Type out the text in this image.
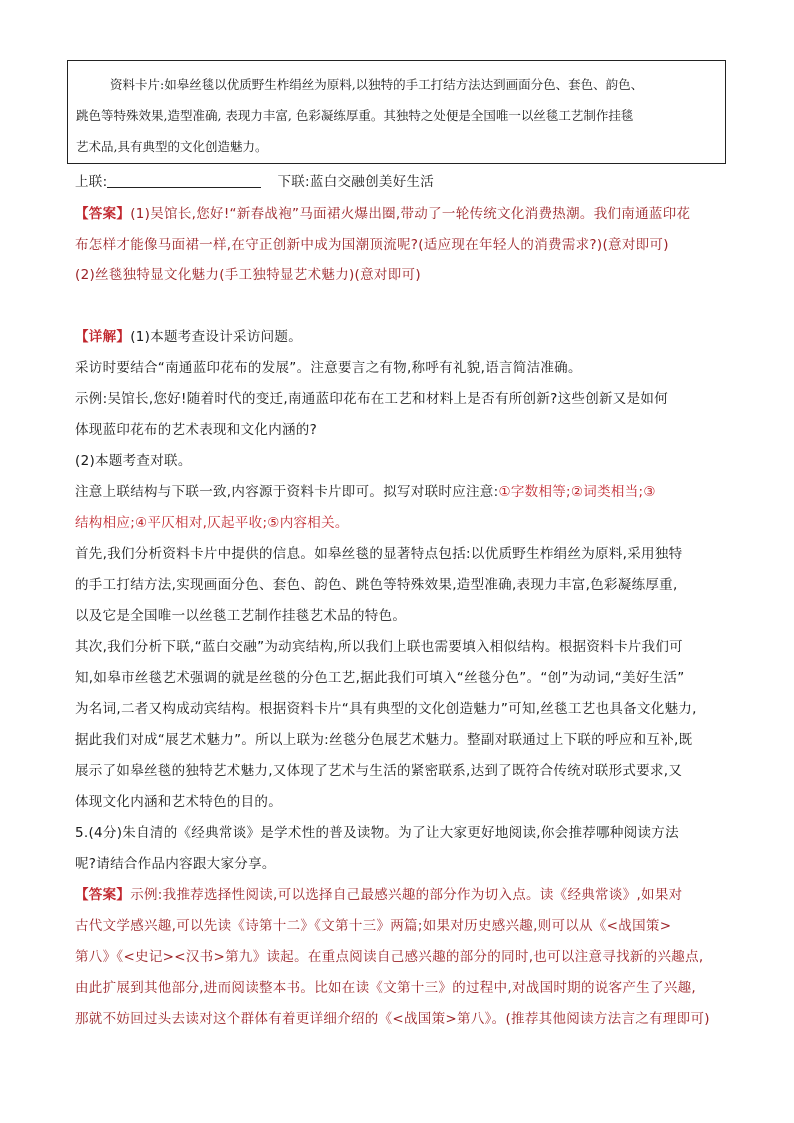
资料卡片:如皋丝毯以优质野生柞绢丝为原料,以独特的手工打结方法达到画面分色、套色、韵色、

跳色等特殊效果,造型准确, 表现力丰富, 色彩凝练厚重。其独特之处便是全国唯一以丝毯工艺制作挂毯

艺术品,具有典型的文化创造魅力。

上联:	下联:蓝白交融创美好生活
【答案】(1)吴馆长,您好!“新春战袍”马面裙火爆出圈,带动了一轮传统文化消费热潮。我们南通蓝印花
布怎样才能像马面裙一样,在守正创新中成为国潮顶流呢?(适应现在年轻人的消费需求?)(意对即可)
(2)丝毯独特显文化魅力(手工独特显艺术魅力)(意对即可)
【详解】(1)本题考查设计采访问题。
采访时要结合“南通蓝印花布的发展”。注意要言之有物,称呼有礼貌,语言简洁准确。
示例:吴馆长,您好!随着时代的变迁,南通蓝印花布在工艺和材料上是否有所创新?这些创新又是如何
体现蓝印花布的艺术表现和文化内涵的?
(2)本题考查对联。
注意上联结构与下联一致,内容源于资料卡片即可。拟写对联时应注意:①字数相等;②词类相当;③
结构相应;④平仄相对,仄起平收;⑤内容相关。
首先,我们分析资料卡片中提供的信息。如皋丝毯的显著特点包括:以优质野生柞绢丝为原料,采用独特
的手工打结方法,实现画面分色、套色、韵色、跳色等特殊效果,造型准确,表现力丰富,色彩凝练厚重,
以及它是全国唯一以丝毯工艺制作挂毯艺术品的特色。
其次,我们分析下联,“蓝白交融”为动宾结构,所以我们上联也需要填入相似结构。根据资料卡片我们可
知,如皋市丝毯艺术强调的就是丝毯的分色工艺,据此我们可填入“丝毯分色”。“创”为动词,“美好生活”
为名词,二者又构成动宾结构。根据资料卡片“具有典型的文化创造魅力”可知,丝毯工艺也具备文化魅力,
据此我们对成“展艺术魅力”。所以上联为:丝毯分色展艺术魅力。整副对联通过上下联的呼应和互补,既
展示了如皋丝毯的独特艺术魅力,又体现了艺术与生活的紧密联系,达到了既符合传统对联形式要求,又
体现文化内涵和艺术特色的目的。
5.(4分)朱自清的《经典常谈》是学术性的普及读物。为了让大家更好地阅读,你会推荐哪种阅读方法
呢?请结合作品内容跟大家分享。
【答案】示例:我推荐选择性阅读,可以选择自己最感兴趣的部分作为切入点。读《经典常谈》,如果对
古代文学感兴趣,可以先读《诗第十二》《文第十三》两篇;如果对历史感兴趣,则可以从《<战国策>
第八》《<史记><汉书>第九》读起。在重点阅读自己感兴趣的部分的同时,也可以注意寻找新的兴趣点,
由此扩展到其他部分,进而阅读整本书。比如在读《文第十三》的过程中,对战国时期的说客产生了兴趣,
那就不妨回过头去读对这个群体有着更详细介绍的《<战国策>第八》。(推荐其他阅读方法言之有理即可)
